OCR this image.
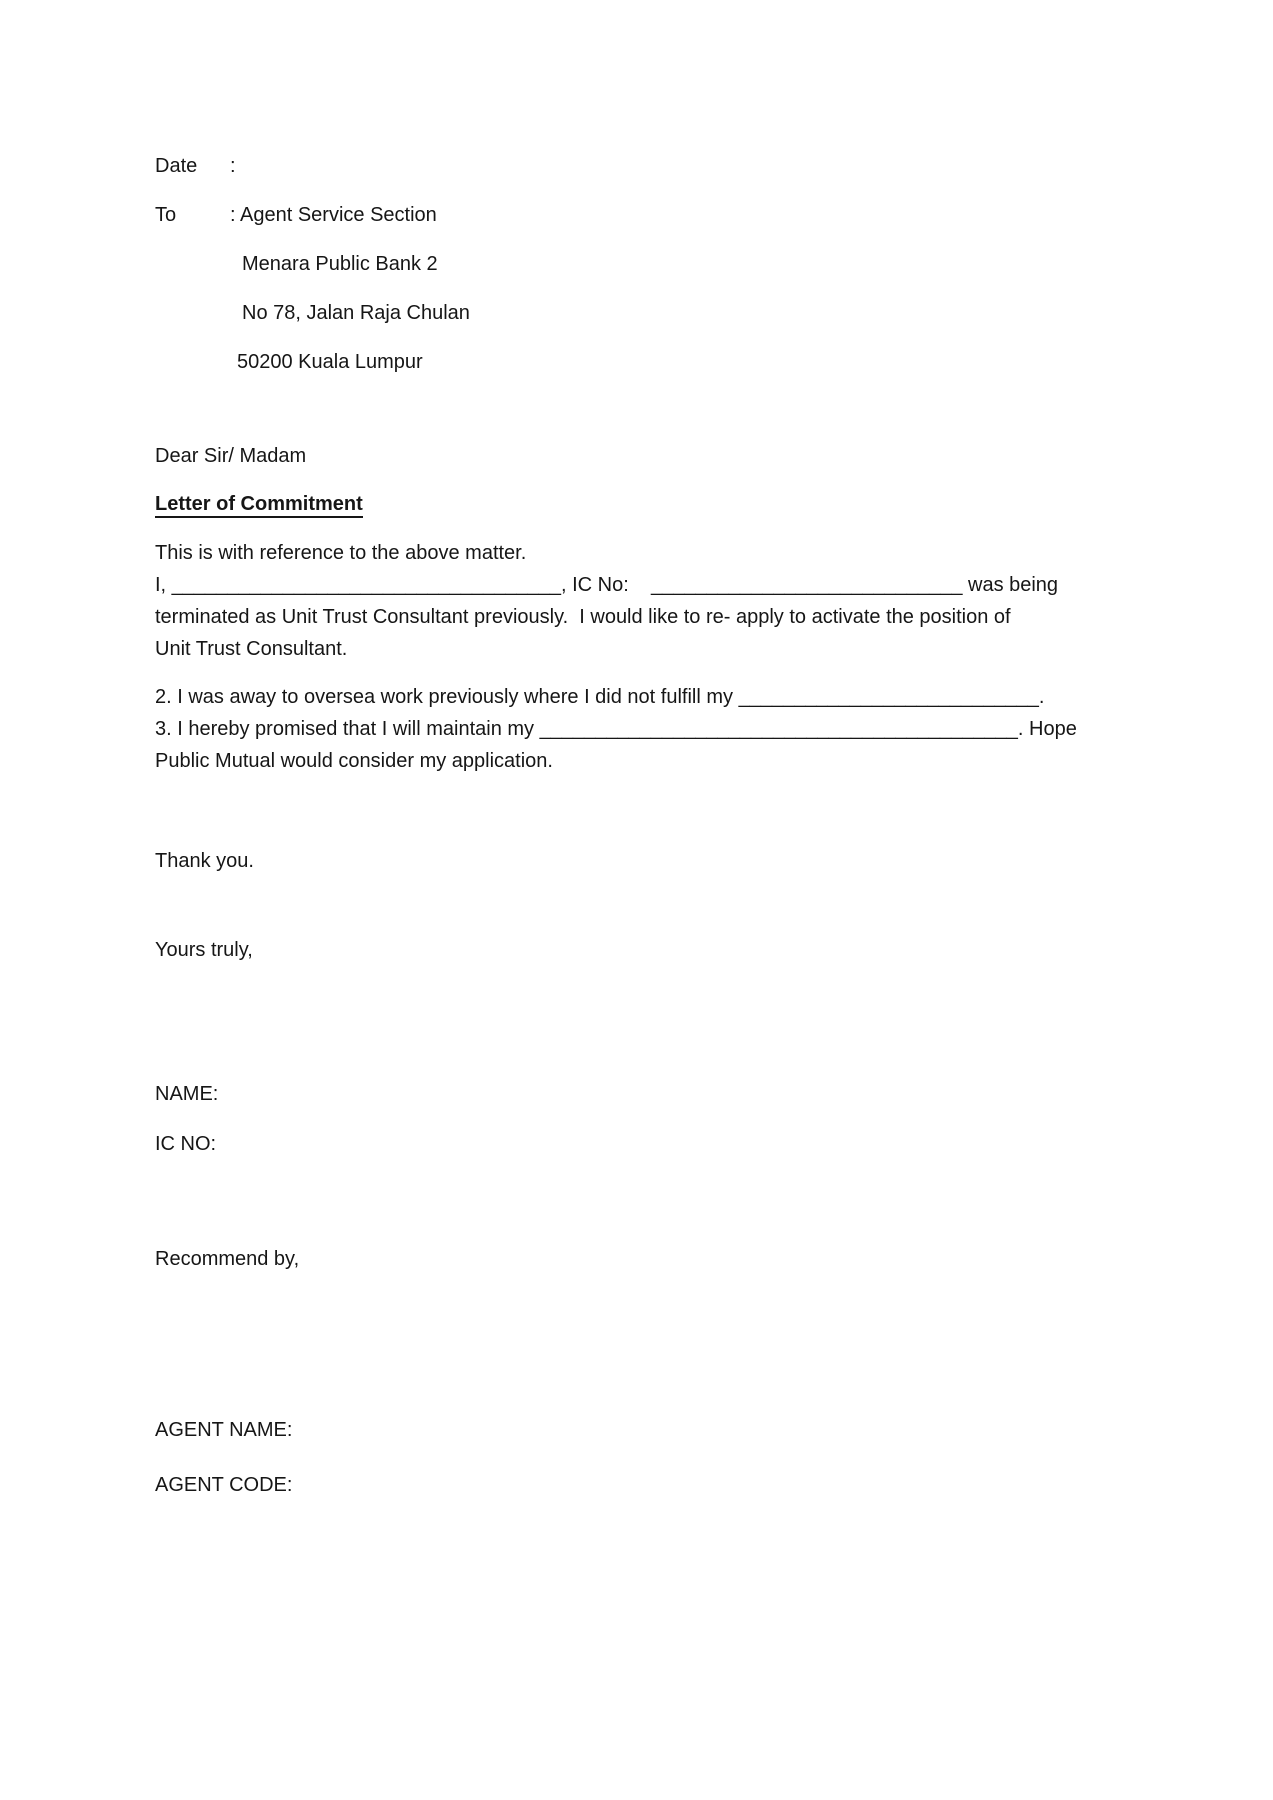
Date :

To	: Agent Service Section

Menara Public Bank 2

No 78, Jalan Raja Chulan

50200 Kuala Lumpur

Dear Sir/ Madam

Letter of Commitment

This is with reference to the above matter.

I, ___________________________________, IC No:    ____________________________ was being
terminated as Unit Trust Consultant previously.  I would like to re- apply to activate the position of
Unit Trust Consultant.

2. I was away to oversea work previously where I did not fulfill my ___________________________.

3. I hereby promised that I will maintain my ___________________________________________. Hope
Public Mutual would consider my application.

Thank you.

Yours truly,

NAME:

IC NO:

Recommend by,

AGENT NAME:

AGENT CODE:
